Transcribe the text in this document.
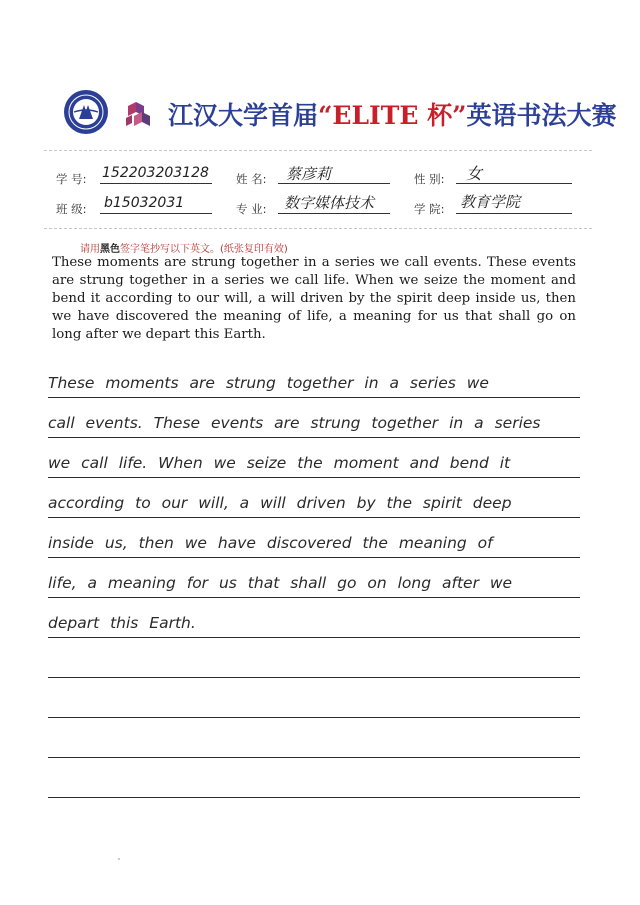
江汉大学首届“ELITE 杯”英语书法大赛
学 号: 152203203128 姓 名: 蔡彦莉	性 别: 女
班 级: b15032031	专 业: 数字媒体技术	学 院: 教育学院
请用黑色签字笔抄写以下英文。(纸张复印有效)
These moments are strung together in a series we call events. These events are strung together in a series we call life. When we seize the moment and bend it according to our will, a will driven by the spirit deep inside us, then we have discovered the meaning of life, a meaning for us that shall go on long after we depart this Earth.
These moments are strung together in a series we
call events. These events are strung together in a series
we call life. When we seize the moment and bend it
according to our will, a will driven by the spirit deep
inside us, then we have discovered the meaning of
life, a meaning for us that shall go on long after we
depart this Earth.
